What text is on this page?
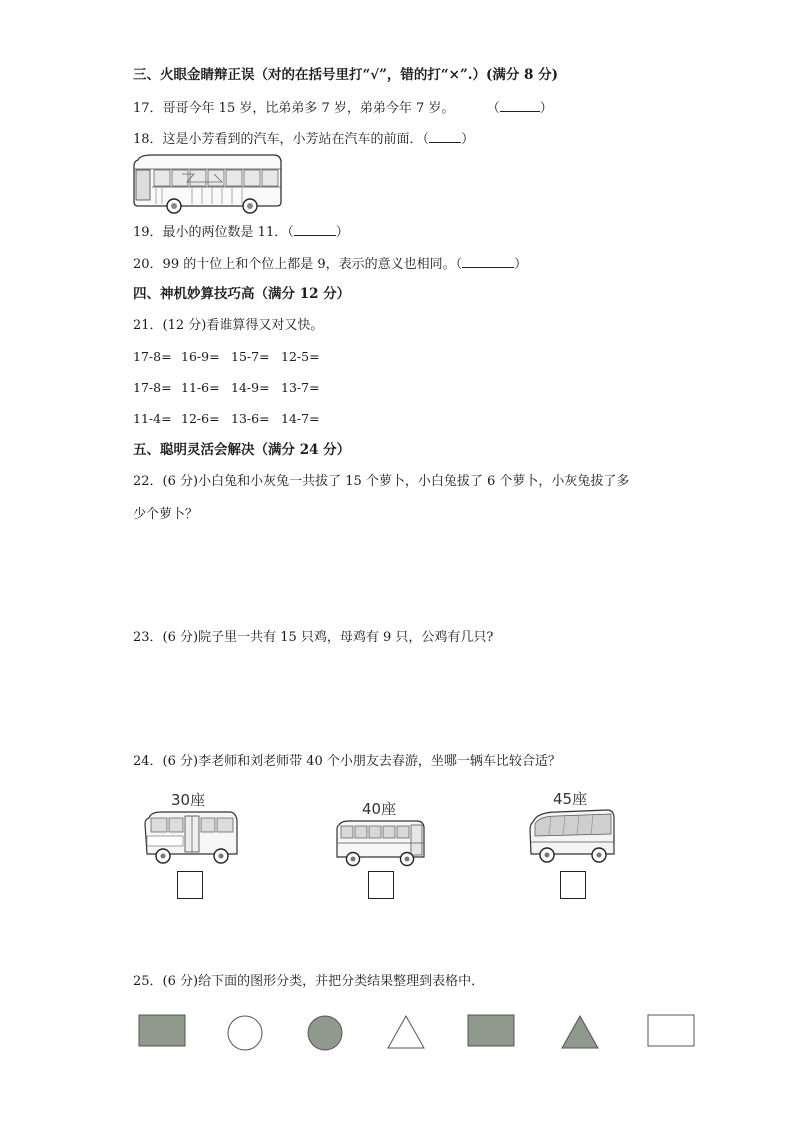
三、火眼金睛辩正误（对的在括号里打“√”，错的打“×”.）(满分 8 分)
17．哥哥今年 15 岁，比弟弟多 7 岁，弟弟今年 7 岁。 （	）
18．这是小芳看到的汽车，小芳站在汽车的前面．（ ）
19．最小的两位数是 11．（	）
20．99 的十位上和个位上都是 9，表示的意义也相同。（	）
四、神机妙算技巧高（满分 12 分）
21．(12 分)看谁算得又对又快。
17-8= 16-9= 15-7= 12-5=
17-8= 11-6= 14-9= 13-7=
11-4= 12-6= 13-6= 14-7=
五、聪明灵活会解决（满分 24 分）
22．(6 分)小白兔和小灰兔一共拔了 15 个萝卜，小白兔拔了 6 个萝卜，小灰兔拔了多
少个萝卜？
23．(6 分)院子里一共有 15 只鸡，母鸡有 9 只，公鸡有几只?
24．(6 分)李老师和刘老师带 40 个小朋友去春游，坐哪一辆车比较合适？
30座	40座
45座
25．(6 分)给下面的图形分类，并把分类结果整理到表格中．
